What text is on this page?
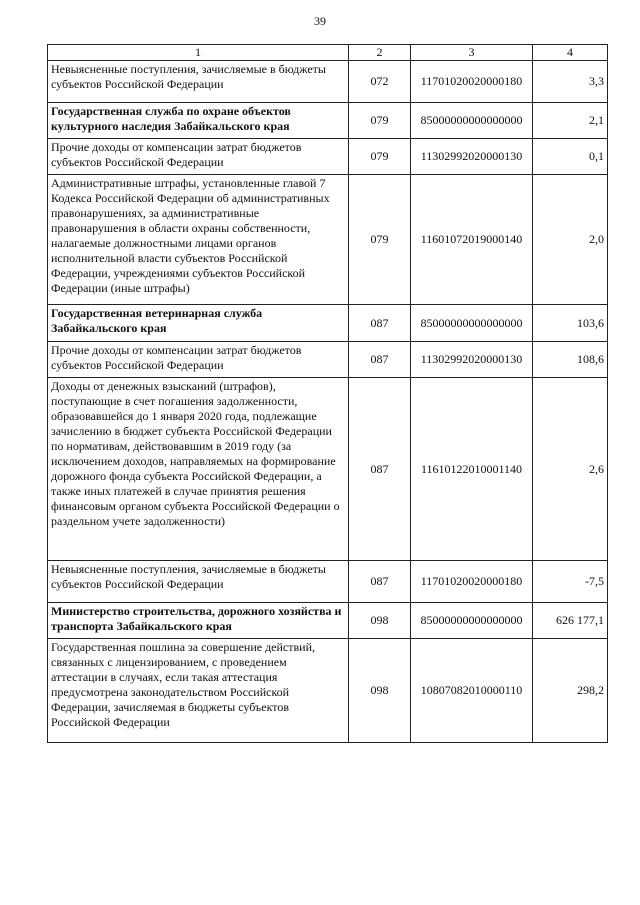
39
1	2	3	4
Невыясненные поступления, зачисляемые в бюджеты субъектов Российской Федерации	072	11701020020000180	3,3
Государственная служба по охране объектов культурного наследия Забайкальского края	079	85000000000000000	2,1
Прочие доходы от компенсации затрат бюджетов субъектов Российской Федерации	079	11302992020000130	0,1
Административные штрафы, установленные главой 7 Кодекса Российской Федерации об административных правонарушениях, за административные правонарушения в области охраны собственности, налагаемые должностными лицами органов исполнительной власти субъектов Российской Федерации, учреждениями субъектов Российской Федерации (иные штрафы)	079	11601072019000140	2,0
Государственная ветеринарная служба Забайкальского края	087	85000000000000000	103,6
Прочие доходы от компенсации затрат бюджетов субъектов Российской Федерации	087	11302992020000130	108,6
Доходы от денежных взысканий (штрафов), поступающие в счет погашения задолженности, образовавшейся до 1 января 2020 года, подлежащие зачислению в бюджет субъекта Российской Федерации по нормативам, действовавшим в 2019 году (за исключением доходов, направляемых на формирование дорожного фонда субъекта Российской Федерации, а также иных платежей в случае принятия решения финансовым органом субъекта Российской Федерации о раздельном учете задолженности)	087	11610122010001140	2,6
Невыясненные поступления, зачисляемые в бюджеты субъектов Российской Федерации	087	11701020020000180	-7,5
Министерство строительства, дорожного хозяйства и транспорта Забайкальского края	098	85000000000000000	626 177,1
Государственная пошлина за совершение действий, связанных с лицензированием, с проведением аттестации в случаях, если такая аттестация предусмотрена законодательством Российской Федерации, зачисляемая в бюджеты субъектов Российской Федерации	098	10807082010000110	298,2
